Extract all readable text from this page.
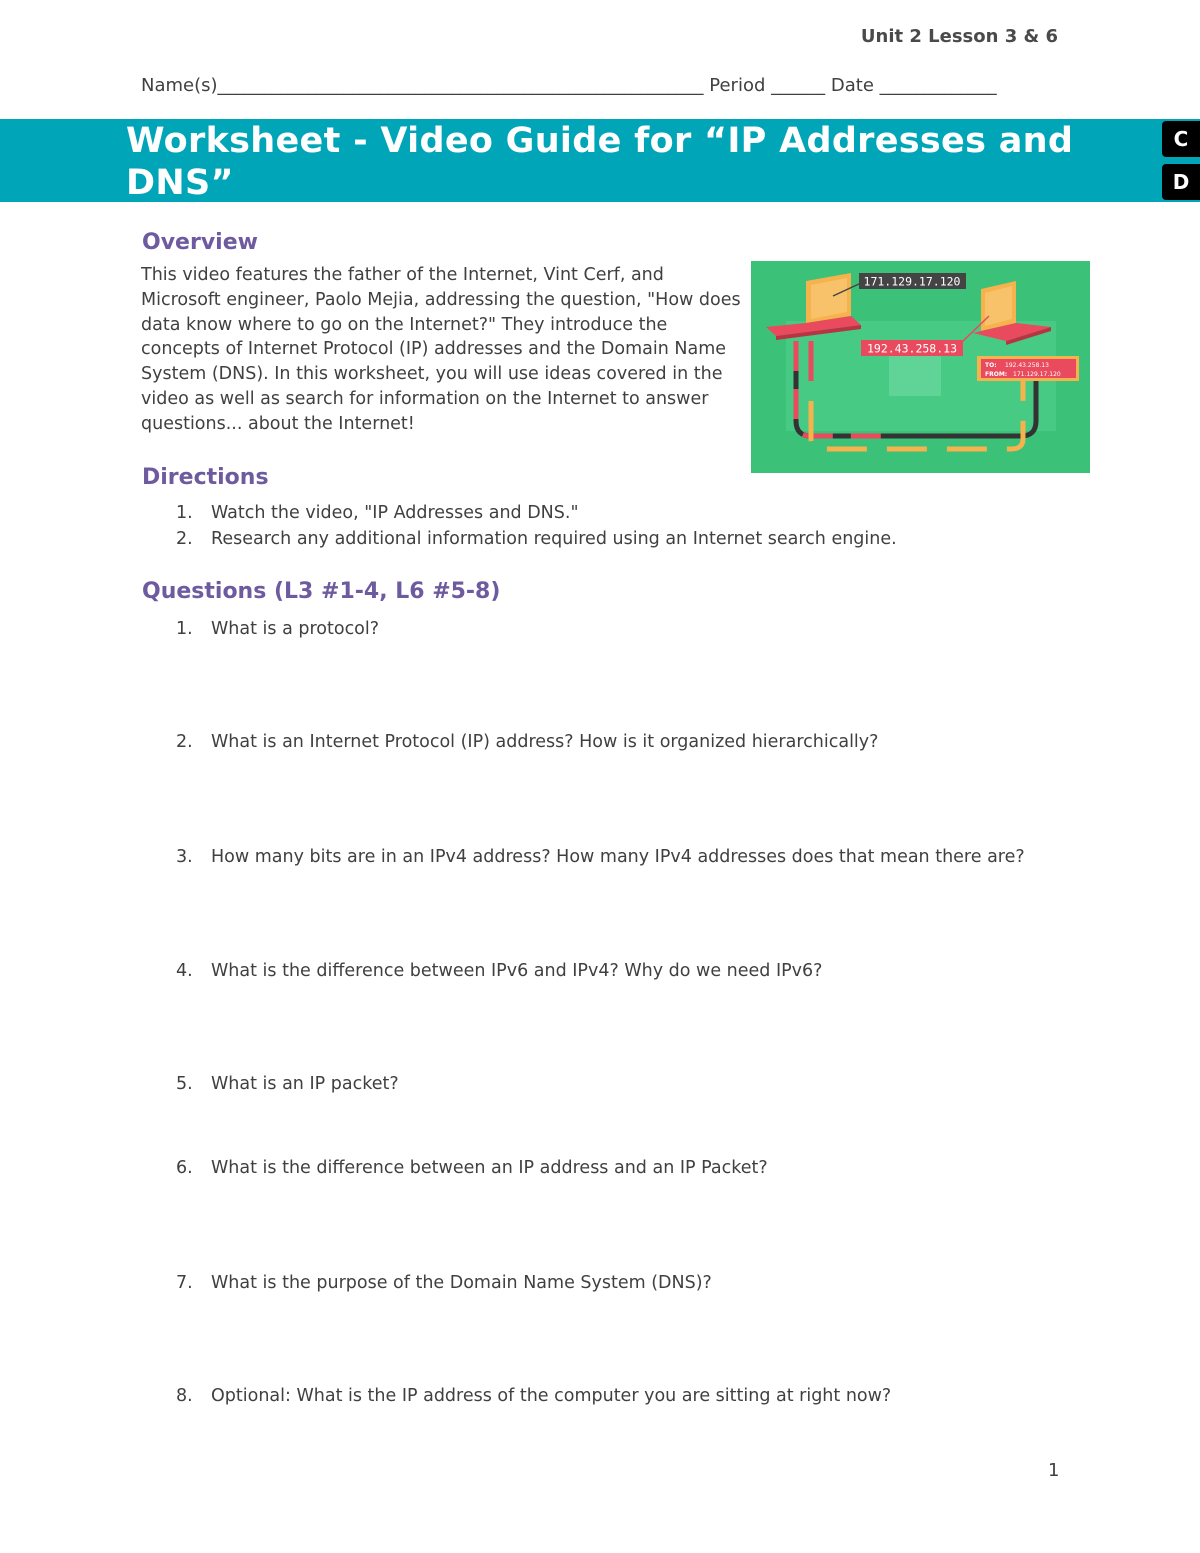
Unit 2 Lesson 3 & 6
Name(s)______________________________________________________ Period ______ Date _____________
Worksheet - Video Guide for “IP Addresses and DNS”
C
D
Overview
This video features the father of the Internet, Vint Cerf, and Microsoft engineer, Paolo Mejia, addressing the question, "How does data know where to go on the Internet?" They introduce the concepts of Internet Protocol (IP) addresses and the Domain Name System (DNS). In this worksheet, you will use ideas covered in the video as well as search for information on the Internet to answer questions... about the Internet!
171.129.17.120
192.43.258.13
TO: 192.43.258.13
FROM: 171.129.17.120
Directions
1. Watch the video, "IP Addresses and DNS."
2. Research any additional information required using an Internet search engine.
Questions (L3 #1-4, L6 #5-8)
1. What is a protocol?
2. What is an Internet Protocol (IP) address? How is it organized hierarchically?
3. How many bits are in an IPv4 address? How many IPv4 addresses does that mean there are?
4. What is the difference between IPv6 and IPv4? Why do we need IPv6?
5. What is an IP packet?
6. What is the difference between an IP address and an IP Packet?
7. What is the purpose of the Domain Name System (DNS)?
8. Optional: What is the IP address of the computer you are sitting at right now?
1
